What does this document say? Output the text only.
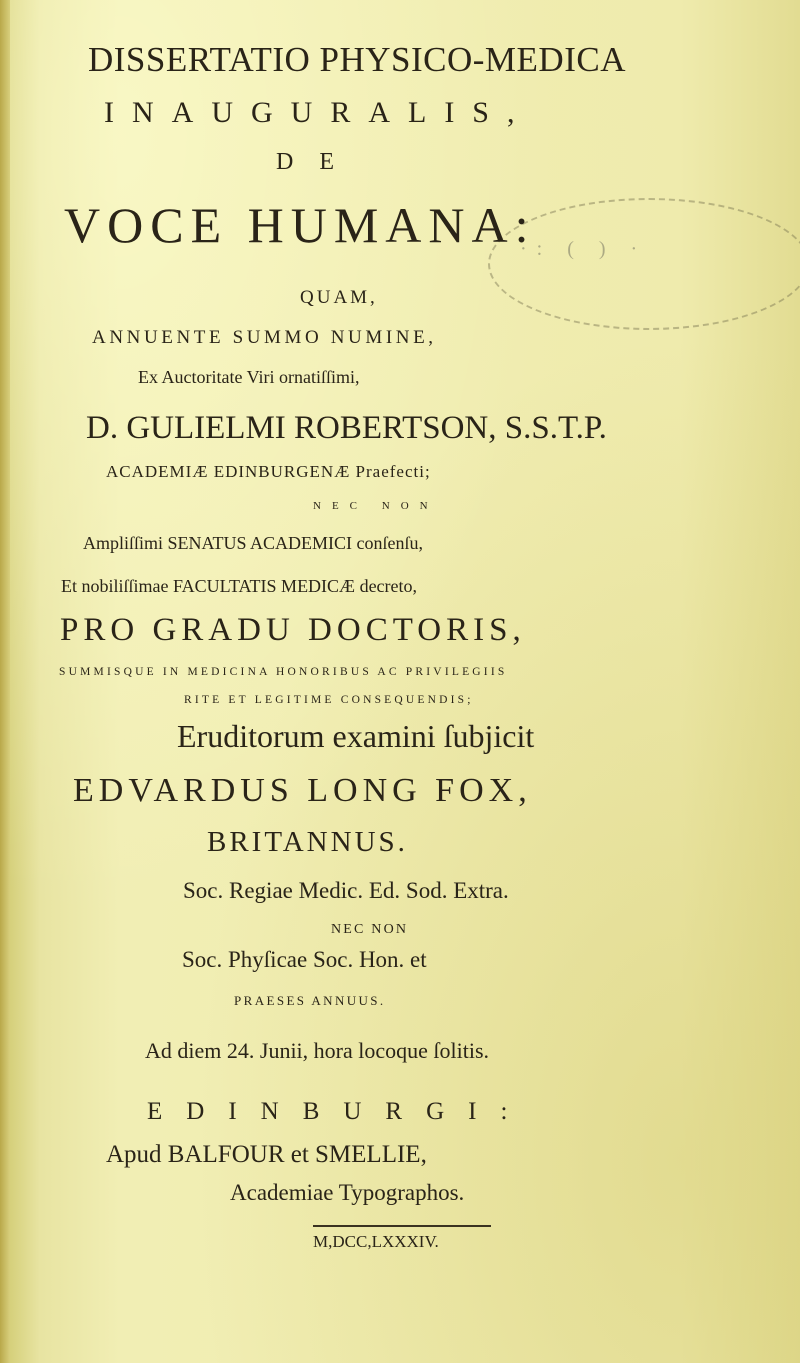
·: ( ) ·
DISSERTATIO PHYSICO-MEDICA
INAUGURALIS,
DE
VOCE HUMANA:
QUAM,
ANNUENTE SUMMO NUMINE,
Ex Auctoritate Viri ornatiſſimi,
D. GULIELMI ROBERTSON, S.S.T.P.
ACADEMIÆ EDINBURGENÆ Praefecti;
NEC NON
Ampliſſimi SENATUS ACADEMICI conſenſu,
Et nobiliſſimae FACULTATIS MEDICÆ decreto,
PRO GRADU DOCTORIS,
SUMMISQUE IN MEDICINA HONORIBUS AC PRIVILEGIIS
RITE ET LEGITIME CONSEQUENDIS;
Eruditorum examini ſubjicit
EDVARDUS LONG FOX,
BRITANNUS.
Soc. Regiae Medic. Ed. Sod. Extra.
NEC NON
Soc. Phyſicae Soc. Hon. et
PRAESES ANNUUS.
Ad diem 24. Junii, hora locoque ſolitis.
EDINBURGI:
Apud BALFOUR et SMELLIE,
Academiae Typographos.
M,DCC,LXXXIV.
